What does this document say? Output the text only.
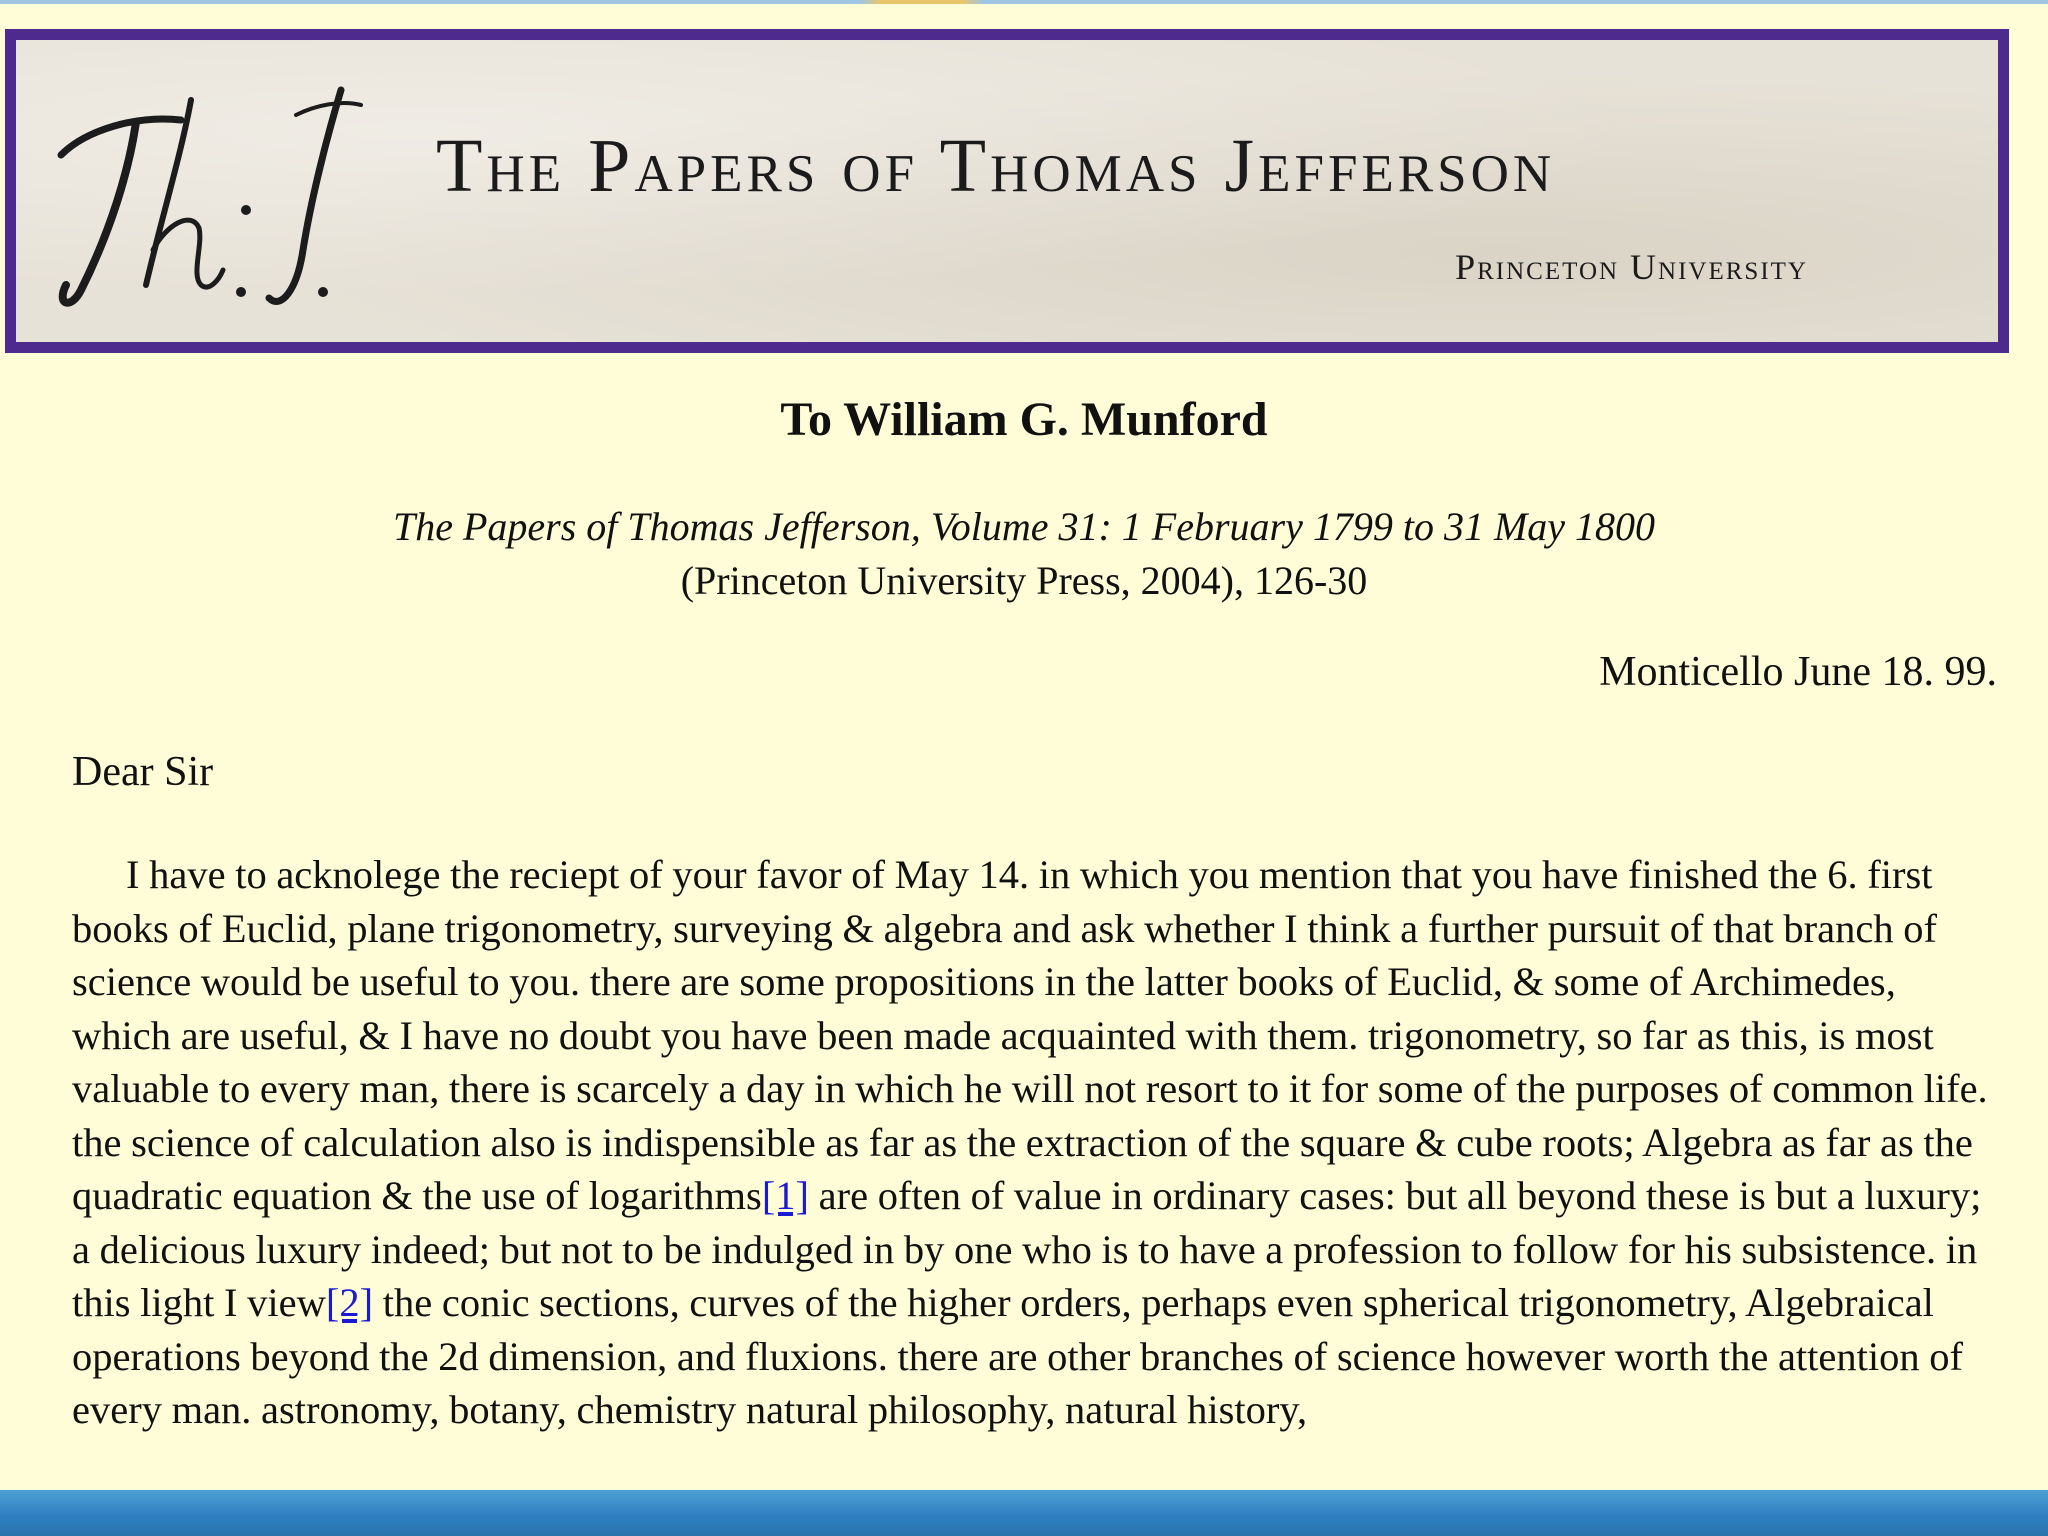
The Papers of Thomas Jefferson
Princeton University
To William G. Munford
The Papers of Thomas Jefferson, Volume 31: 1 February 1799 to 31 May 1800
(Princeton University Press, 2004), 126-30
Monticello June 18. 99.
Dear Sir

I have to acknolege the reciept of your favor of May 14. in which you mention that you have finished the 6. first books of Euclid, plane trigonometry, surveying & algebra and ask whether I think a further pursuit of that branch of science would be useful to you. there are some propositions in the latter books of Euclid, & some of Archimedes, which are useful, & I have no doubt you have been made acquainted with them. trigonometry, so far as this, is most valuable to every man, there is scarcely a day in which he will not resort to it for some of the purposes of common life. the science of calculation also is indispensible as far as the extraction of the square & cube roots; Algebra as far as the quadratic equation & the use of logarithms[1] are often of value in ordinary cases: but all beyond these is but a luxury; a delicious luxury indeed; but not to be indulged in by one who is to have a profession to follow for his subsistence. in this light I view[2] the conic sections, curves of the higher orders, perhaps even spherical trigonometry, Algebraical operations beyond the 2d dimension, and fluxions. there are other branches of science however worth the attention of every man. astronomy, botany, chemistry natural philosophy, natural history,
